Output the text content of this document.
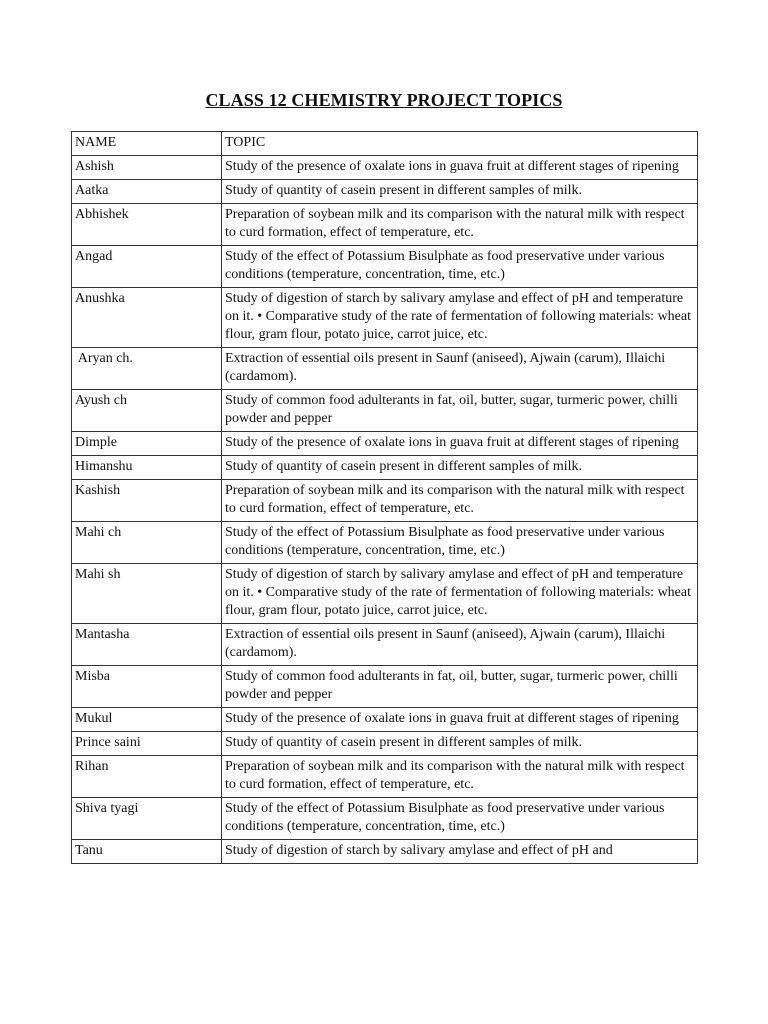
CLASS 12 CHEMISTRY PROJECT TOPICS
NAME	TOPIC
Ashish	Study of the presence of oxalate ions in guava fruit at different stages of ripening
Aatka	Study of quantity of casein present in different samples of milk.
Abhishek	Preparation of soybean milk and its comparison with the natural milk with respect to curd formation, effect of temperature, etc.
Angad	Study of the effect of Potassium Bisulphate as food preservative under various conditions (temperature, concentration, time, etc.)
Anushka	Study of digestion of starch by salivary amylase and effect of pH and temperature on it. • Comparative study of the rate of fermentation of following materials: wheat flour, gram flour, potato juice, carrot juice, etc.
Aryan ch.	Extraction of essential oils present in Saunf (aniseed), Ajwain (carum), Illaichi (cardamom).
Ayush ch	Study of common food adulterants in fat, oil, butter, sugar, turmeric power, chilli powder and pepper
Dimple	Study of the presence of oxalate ions in guava fruit at different stages of ripening
Himanshu	Study of quantity of casein present in different samples of milk.
Kashish	Preparation of soybean milk and its comparison with the natural milk with respect to curd formation, effect of temperature, etc.
Mahi ch	Study of the effect of Potassium Bisulphate as food preservative under various conditions (temperature, concentration, time, etc.)
Mahi sh	Study of digestion of starch by salivary amylase and effect of pH and temperature on it. • Comparative study of the rate of fermentation of following materials: wheat flour, gram flour, potato juice, carrot juice, etc.
Mantasha	Extraction of essential oils present in Saunf (aniseed), Ajwain (carum), Illaichi (cardamom).
Misba	Study of common food adulterants in fat, oil, butter, sugar, turmeric power, chilli powder and pepper
Mukul	Study of the presence of oxalate ions in guava fruit at different stages of ripening
Prince saini	Study of quantity of casein present in different samples of milk.
Rihan	Preparation of soybean milk and its comparison with the natural milk with respect to curd formation, effect of temperature, etc.
Shiva tyagi	Study of the effect of Potassium Bisulphate as food preservative under various conditions (temperature, concentration, time, etc.)
Tanu	Study of digestion of starch by salivary amylase and effect of pH and
